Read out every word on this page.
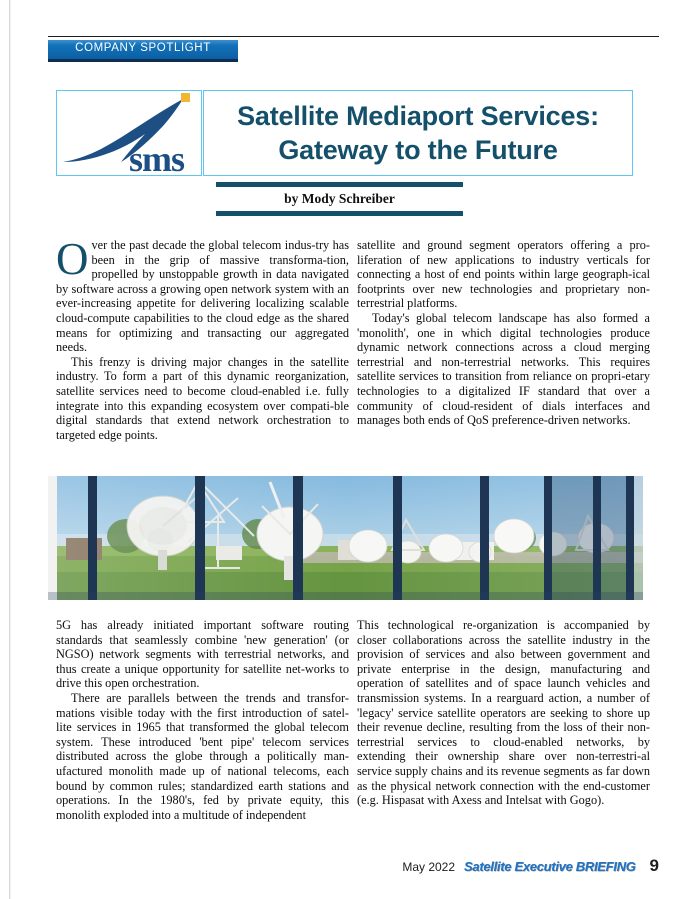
COMPANY SPOTLIGHT
sms
Satellite Mediaport Services:
Gateway to the Future
by Mody Schreiber

Over the past decade the global telecom indus-try has been in the grip of massive transforma-tion, propelled by unstoppable growth in data navigated by software across a growing open network system with an ever-increasing appetite for delivering localizing scalable cloud-compute capabilities to the cloud edge as the shared means for optimizing and transacting our aggregated needs.

This frenzy is driving major changes in the satellite industry. To form a part of this dynamic reorganization, satellite services need to become cloud-enabled i.e. fully integrate into this expanding ecosystem over compati-ble digital standards that extend network orchestration to targeted edge points.

satellite and ground segment operators offering a pro-liferation of new applications to industry verticals for connecting a host of end points within large geograph-ical footprints over new technologies and proprietary non-terrestrial platforms.

Today's global telecom landscape has also formed a 'monolith', one in which digital technologies produce dynamic network connections across a cloud merging terrestrial and non-terrestrial networks. This requires satellite services to transition from reliance on propri-etary technologies to a digitalized IF standard that over a community of cloud-resident of dials interfaces and manages both ends of QoS preference-driven networks.

5G has already initiated important software routing standards that seamlessly combine 'new generation' (or NGSO) network segments with terrestrial networks, and thus create a unique opportunity for satellite net-works to drive this open orchestration.

There are parallels between the trends and transfor-mations visible today with the first introduction of satel-lite services in 1965 that transformed the global telecom system. These introduced 'bent pipe' telecom services distributed across the globe through a politically man-ufactured monolith made up of national telecoms, each bound by common rules; standardized earth stations and operations. In the 1980's, fed by private equity, this monolith exploded into a multitude of independent

This technological re-organization is accompanied by closer collaborations across the satellite industry in the provision of services and also between government and private enterprise in the design, manufacturing and operation of satellites and of space launch vehicles and transmission systems. In a rearguard action, a number of 'legacy' service satellite operators are seeking to shore up their revenue decline, resulting from the loss of their non-terrestrial services to cloud-enabled networks, by extending their ownership share over non-terrestri-al service supply chains and its revenue segments as far down as the physical network connection with the end-customer (e.g. Hispasat with Axess and Intelsat with Gogo).

May 2022 Satellite Executive BRIEFING 9
